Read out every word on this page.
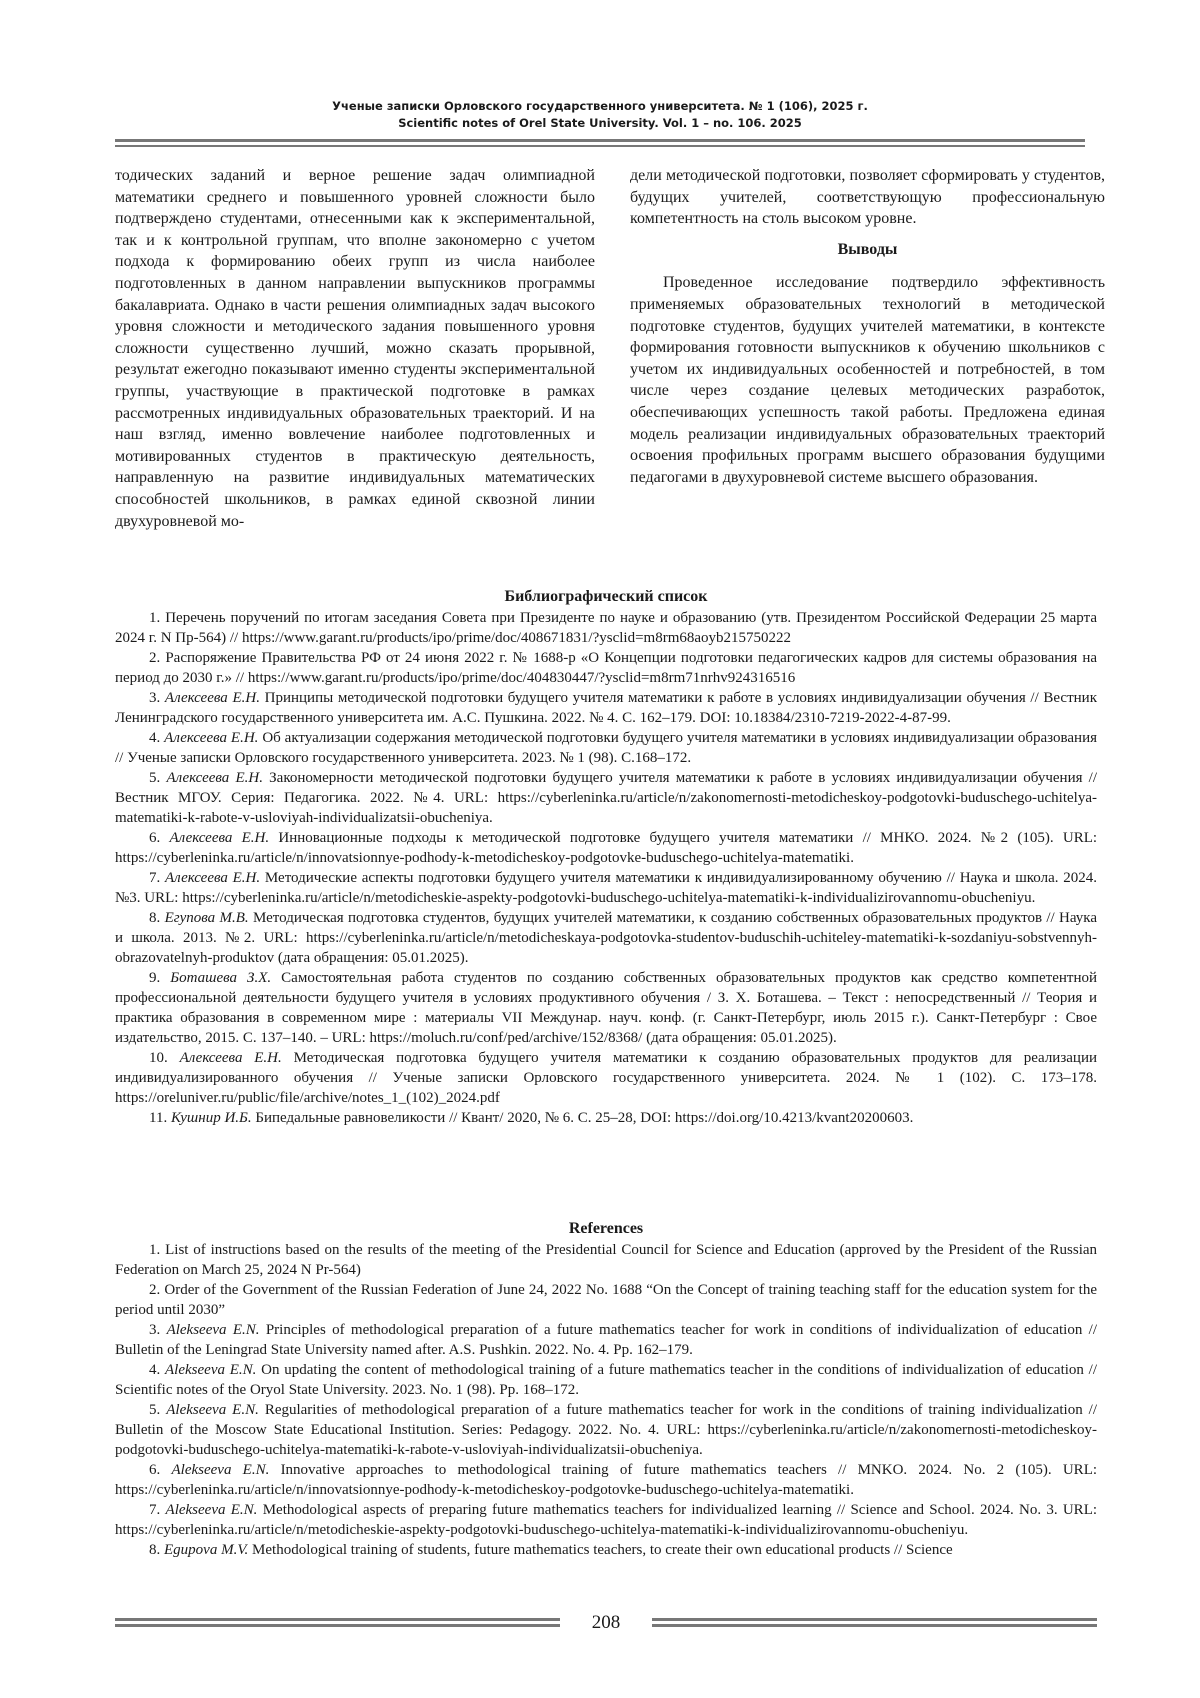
Ученые записки Орловского государственного университета. № 1 (106), 2025 г.
Scientific notes of Orel State University. Vol. 1 – no. 106. 2025

тодических заданий и верное решение задач олимпиадной математики среднего и повышенного уровней сложности было подтверждено студентами, отнесенными как к экспериментальной, так и к контрольной группам, что вполне закономерно с учетом подхода к формированию обеих групп из числа наиболее подготовленных в данном направлении выпускников программы бакалавриата. Однако в части решения олимпиадных задач высокого уровня сложности и методического задания повышенного уровня сложности существенно лучший, можно сказать прорывной, результат ежегодно показывают именно студенты экспериментальной группы, участвующие в практической подготовке в рамках рассмотренных индивидуальных образовательных траекторий. И на наш взгляд, именно вовлечение наиболее подготовленных и мотивированных студентов в практическую деятельность, направленную на развитие индивидуальных математических способностей школьников, в рамках единой сквозной линии двухуровневой мо-

дели методической подготовки, позволяет сформировать у студентов, будущих учителей, соответствующую профессиональную компетентность на столь высоком уровне.

Выводы

Проведенное исследование подтвердило эффективность применяемых образовательных технологий в методической подготовке студентов, будущих учителей математики, в контексте формирования готовности выпускников к обучению школьников с учетом их индивидуальных особенностей и потребностей, в том числе через создание целевых методических разработок, обеспечивающих успешность такой работы. Предложена единая модель реализации индивидуальных образовательных траекторий освоения профильных программ высшего образования будущими педагогами в двухуровневой системе высшего образования.

Библиографический список

1. Перечень поручений по итогам заседания Совета при Президенте по науке и образованию (утв. Президентом Российской Федерации 25 марта 2024 г. N Пр-564) // https://www.garant.ru/products/ipo/prime/doc/408671831/?ysclid=m8rm68aoyb215750222

2. Распоряжение Правительства РФ от 24 июня 2022 г. № 1688-р «О Концепции подготовки педагогических кадров для системы образования на период до 2030 г.» // https://www.garant.ru/products/ipo/prime/doc/404830447/?ysclid=m8rm71nrhv924316516

3. Алексеева Е.Н. Принципы методической подготовки будущего учителя математики к работе в условиях индивидуализации обучения // Вестник Ленинградского государственного университета им. А.С. Пушкина. 2022. № 4. С. 162–179. DOI: 10.18384/2310-7219-2022-4-87-99.

4. Алексеева Е.Н. Об актуализации содержания методической подготовки будущего учителя математики в условиях индивидуализации образования // Ученые записки Орловского государственного университета. 2023. № 1 (98). С.168–172.

5. Алексеева Е.Н. Закономерности методической подготовки будущего учителя математики к работе в условиях индивидуализации обучения // Вестник МГОУ. Серия: Педагогика. 2022. №4. URL: https://cyberleninka.ru/article/n/zakonomernosti-metodicheskoy-podgotovki-buduschego-uchitelya-matematiki-k-rabote-v-usloviyah-individualizatsii-obucheniya.

6. Алексеева Е.Н. Инновационные подходы к методической подготовке будущего учителя математики // МНКО. 2024. №2 (105). URL: https://cyberleninka.ru/article/n/innovatsionnye-podhody-k-metodicheskoy-podgotovke-buduschego-uchitelya-matematiki.

7. Алексеева Е.Н. Методические аспекты подготовки будущего учителя математики к индивидуализированному обучению // Наука и школа. 2024. №3. URL: https://cyberleninka.ru/article/n/metodicheskie-aspekty-podgotovki-buduschego-uchitelya-matematiki-k-individualizirovannomu-obucheniyu.

8. Егупова М.В. Методическая подготовка студентов, будущих учителей математики, к созданию собственных образовательных продуктов // Наука и школа. 2013. №2. URL: https://cyberleninka.ru/article/n/metodicheskaya-podgotovka-studentov-buduschih-uchiteley-matematiki-k-sozdaniyu-sobstvennyh-obrazovatelnyh-produktov (дата обращения: 05.01.2025).

9. Боташева З.Х. Самостоятельная работа студентов по созданию собственных образовательных продуктов как средство компетентной профессиональной деятельности будущего учителя в условиях продуктивного обучения / З. Х. Боташева. – Текст : непосредственный // Теория и практика образования в современном мире : материалы VII Междунар. науч. конф. (г. Санкт-Петербург, июль 2015 г.). Санкт-Петербург : Свое издательство, 2015. С. 137–140. – URL: https://moluch.ru/conf/ped/archive/152/8368/ (дата обращения: 05.01.2025).

10. Алексеева Е.Н. Методическая подготовка будущего учителя математики к созданию образовательных продуктов для реализации индивидуализированного обучения // Ученые записки Орловского государственного университета. 2024. № 1 (102). С. 173–178. https://oreluniver.ru/public/file/archive/notes_1_(102)_2024.pdf

11. Кушнир И.Б. Бипедальные равновеликости // Квант/ 2020, № 6. С. 25–28, DOI: https://doi.org/10.4213/kvant20200603.

References

1. List of instructions based on the results of the meeting of the Presidential Council for Science and Education (approved by the President of the Russian Federation on March 25, 2024 N Pr-564)

2. Order of the Government of the Russian Federation of June 24, 2022 No. 1688 “On the Concept of training teaching staff for the education system for the period until 2030”

3. Alekseeva E.N. Principles of methodological preparation of a future mathematics teacher for work in conditions of individualization of education // Bulletin of the Leningrad State University named after. A.S. Pushkin. 2022. No. 4. Pp. 162–179.

4. Alekseeva E.N. On updating the content of methodological training of a future mathematics teacher in the conditions of individualization of education // Scientific notes of the Oryol State University. 2023. No. 1 (98). Pp. 168–172.

5. Alekseeva E.N. Regularities of methodological preparation of a future mathematics teacher for work in the conditions of training individualization // Bulletin of the Moscow State Educational Institution. Series: Pedagogy. 2022. No. 4. URL: https://cyberleninka.ru/article/n/zakonomernosti-metodicheskoy-podgotovki-buduschego-uchitelya-matematiki-k-rabote-v-usloviyah-individualizatsii-obucheniya.

6. Alekseeva E.N. Innovative approaches to methodological training of future mathematics teachers // MNKO. 2024. No. 2 (105). URL: https://cyberleninka.ru/article/n/innovatsionnye-podhody-k-metodicheskoy-podgotovke-buduschego-uchitelya-matematiki.

7. Alekseeva E.N. Methodological aspects of preparing future mathematics teachers for individualized learning // Science and School. 2024. No. 3. URL: https://cyberleninka.ru/article/n/metodicheskie-aspekty-podgotovki-buduschego-uchitelya-matematiki-k-individualizirovannomu-obucheniyu.

8. Egupova M.V. Methodological training of students, future mathematics teachers, to create their own educational products // Science

208
